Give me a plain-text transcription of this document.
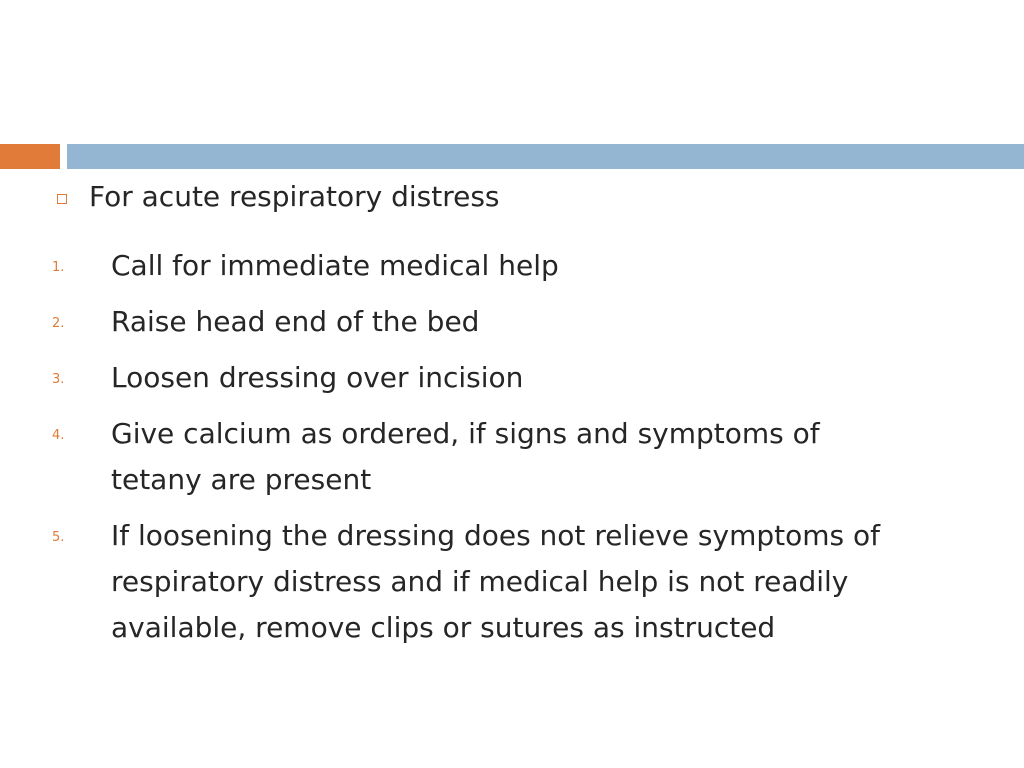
For acute respiratory distress
1. Call for immediate medical help
2. Raise head end of the bed
3. Loosen dressing over incision
4. Give calcium as ordered, if signs and symptoms of
tetany are present
5. If loosening the dressing does not relieve symptoms of
respiratory distress and if medical help is not readily
available, remove clips or sutures as instructed
